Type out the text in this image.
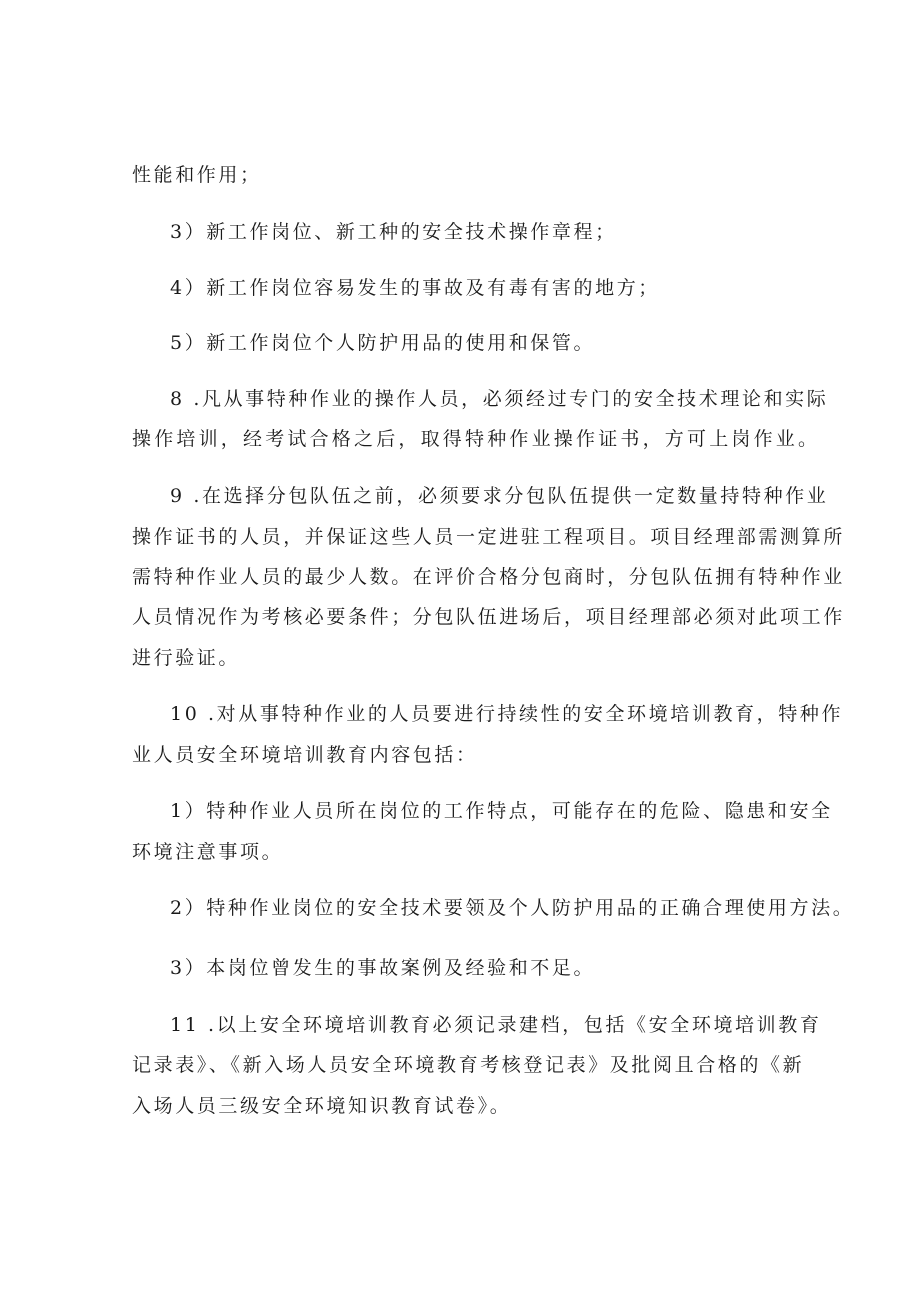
性能和作用；
3）新工作岗位、新工种的安全技术操作章程；
4）新工作岗位容易发生的事故及有毒有害的地方；
5）新工作岗位个人防护用品的使用和保管。
8 .凡从事特种作业的操作人员，必须经过专门的安全技术理论和实际
操作培训，经考试合格之后，取得特种作业操作证书，方可上岗作业。
9 .在选择分包队伍之前，必须要求分包队伍提供一定数量持特种作业
操作证书的人员，并保证这些人员一定进驻工程项目。项目经理部需测算所
需特种作业人员的最少人数。在评价合格分包商时，分包队伍拥有特种作业
人员情况作为考核必要条件；分包队伍进场后，项目经理部必须对此项工作
进行验证。
10 .对从事特种作业的人员要进行持续性的安全环境培训教育，特种作
业人员安全环境培训教育内容包括：
1）特种作业人员所在岗位的工作特点，可能存在的危险、隐患和安全
环境注意事项。
2）特种作业岗位的安全技术要领及个人防护用品的正确合理使用方法。
3）本岗位曾发生的事故案例及经验和不足。
11 .以上安全环境培训教育必须记录建档，包括《安全环境培训教育
记录表》、《新入场人员安全环境教育考核登记表》及批阅且合格的《新
入场人员三级安全环境知识教育试卷》。
